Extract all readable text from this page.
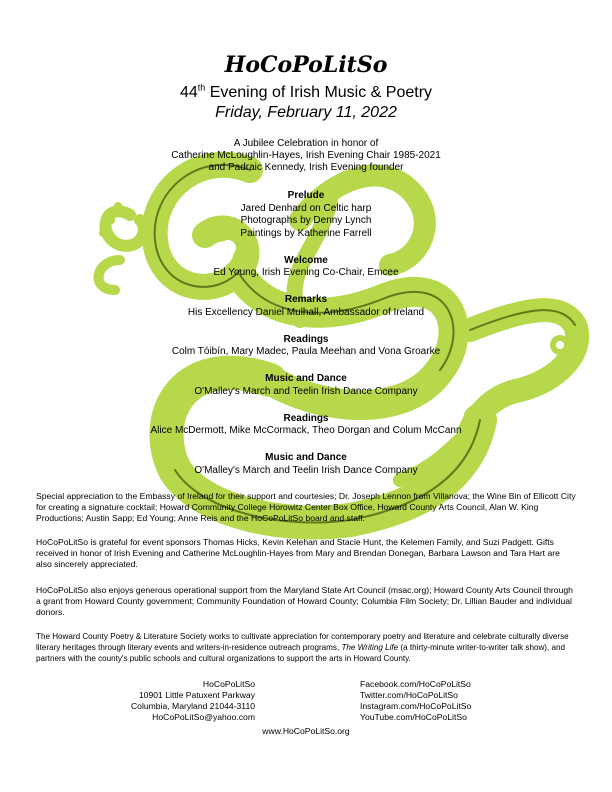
HoCoPoLitSo
44th Evening of Irish Music & Poetry
Friday, February 11, 2022
A Jubilee Celebration in honor of
Catherine McLoughlin-Hayes, Irish Evening Chair 1985-2021
and Padraic Kennedy, Irish Evening founder
Prelude
Jared Denhard on Celtic harp
Photographs by Denny Lynch
Paintings by Katherine Farrell
Welcome
Ed Young, Irish Evening Co-Chair, Emcee
Remarks
His Excellency Daniel Mulhall, Ambassador of Ireland
Readings
Colm Tóibín, Mary Madec, Paula Meehan and Vona Groarke
Music and Dance
O'Malley's March and Teelin Irish Dance Company
Readings
Alice McDermott, Mike McCormack, Theo Dorgan and Colum McCann
Music and Dance
O'Malley's March and Teelin Irish Dance Company

Special appreciation to the Embassy of Ireland for their support and courtesies; Dr. Joseph Lennon from Villanova; the Wine Bin of Ellicott City for creating a signature cocktail; Howard Community College Horowitz Center Box Office, Howard County Arts Council, Alan W. King Productions; Austin Sapp; Ed Young; Anne Reis and the HoCoPoLitSo board and staff.

HoCoPoLitSo is grateful for event sponsors Thomas Hicks, Kevin Kelehan and Stacie Hunt, the Kelemen Family, and Suzi Padgett. Gifts received in honor of Irish Evening and Catherine McLoughlin-Hayes from Mary and Brendan Donegan, Barbara Lawson and Tara Hart are also sincerely appreciated.

HoCoPoLitSo also enjoys generous operational support from the Maryland State Art Council (msac.org); Howard County Arts Council through a grant from Howard County government; Community Foundation of Howard County; Columbia Film Society; Dr. Lillian Bauder and individual donors.

The Howard County Poetry & Literature Society works to cultivate appreciation for contemporary poetry and literature and celebrate culturally diverse literary heritages through literary events and writers-in-residence outreach programs, The Writing Life (a thirty-minute writer-to-writer talk show), and partners with the county's public schools and cultural organizations to support the arts in Howard County.

HoCoPoLitSo
10901 Little Patuxent Parkway
Columbia, Maryland 21044-3110
HoCoPoLitSo@yahoo.com
Facebook.com/HoCoPoLitSo
Twitter.com/HoCoPoLitSo
Instagram.com/HoCoPoLitSo
YouTube.com/HoCoPoLitSo
www.HoCoPoLitSo.org
